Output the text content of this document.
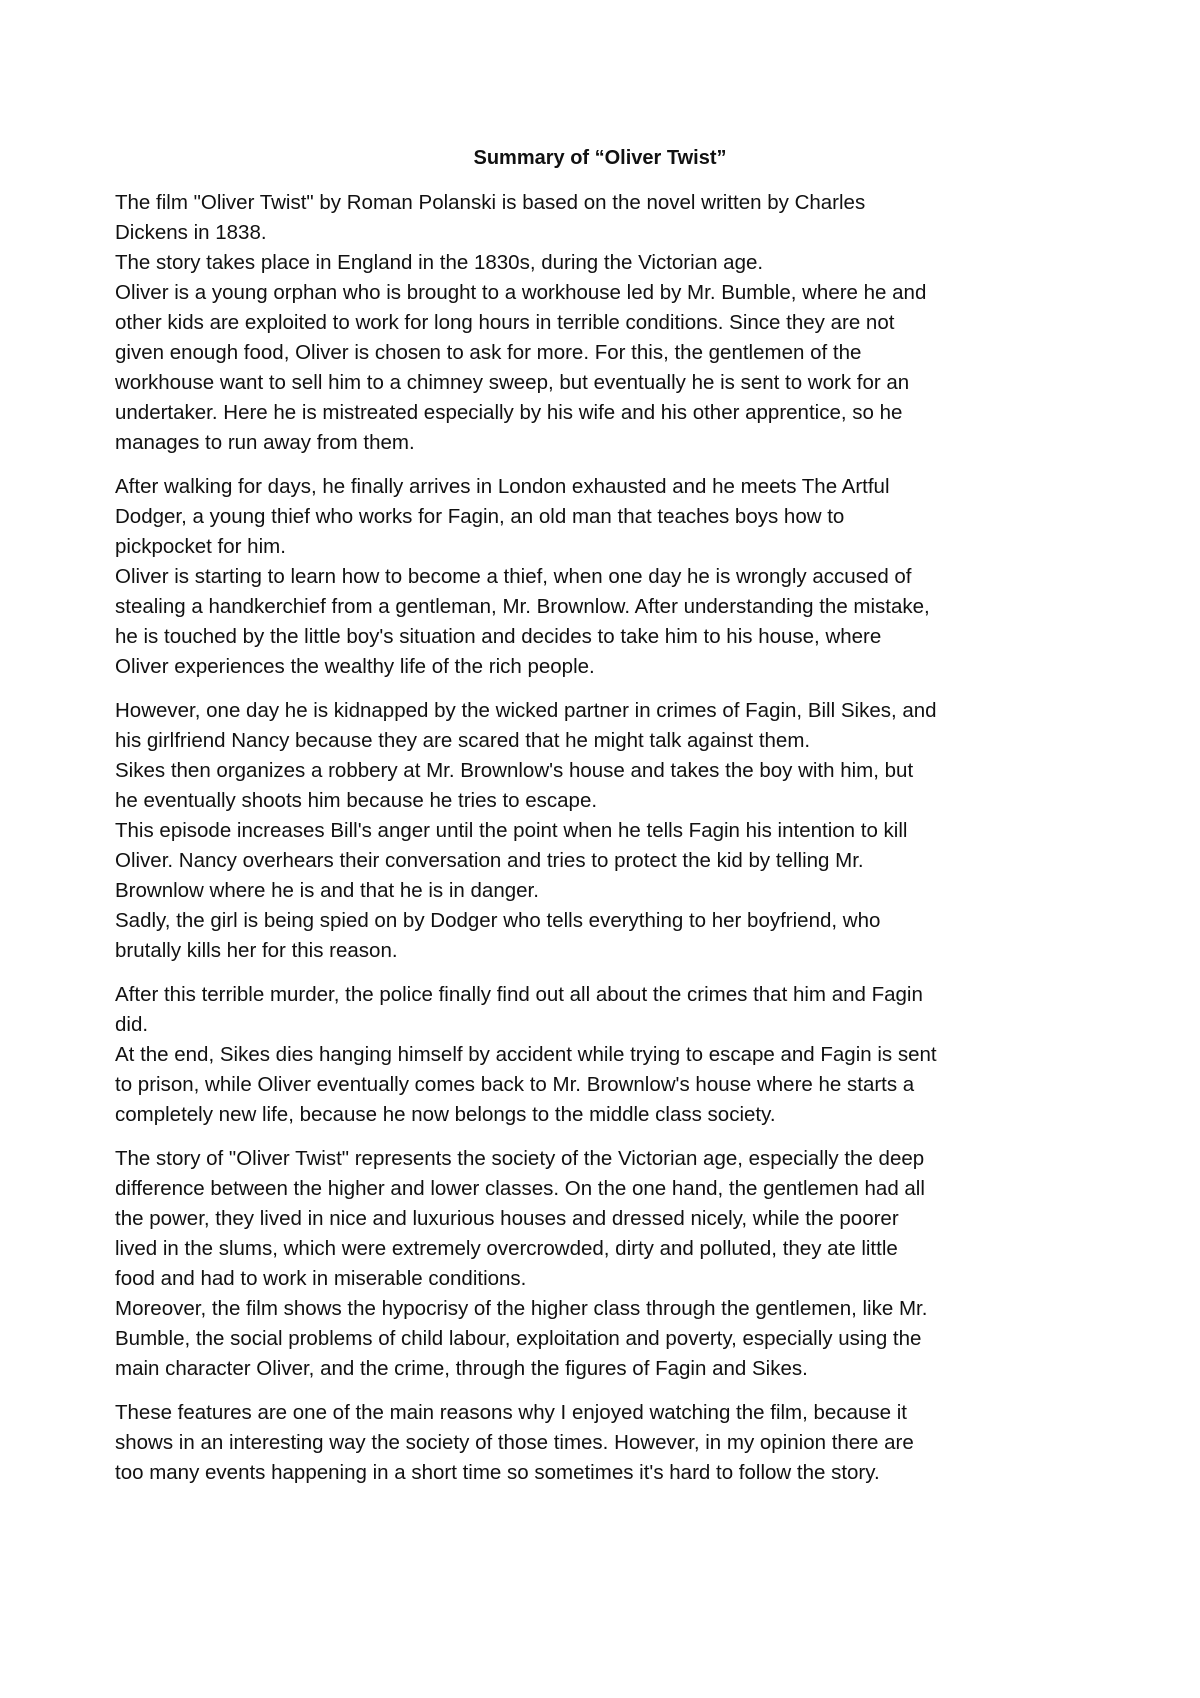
Summary of “Oliver Twist”
The film "Oliver Twist" by Roman Polanski is based on the novel written by Charles
Dickens in 1838.
The story takes place in England in the 1830s, during the Victorian age.
Oliver is a young orphan who is brought to a workhouse led by Mr. Bumble, where he and
other kids are exploited to work for long hours in terrible conditions. Since they are not
given enough food, Oliver is chosen to ask for more. For this, the gentlemen of the
workhouse want to sell him to a chimney sweep, but eventually he is sent to work for an
undertaker. Here he is mistreated especially by his wife and his other apprentice, so he
manages to run away from them.
After walking for days, he finally arrives in London exhausted and he meets The Artful
Dodger, a young thief who works for Fagin, an old man that teaches boys how to
pickpocket for him.
Oliver is starting to learn how to become a thief, when one day he is wrongly accused of
stealing a handkerchief from a gentleman, Mr. Brownlow. After understanding the mistake,
he is touched by the little boy's situation and decides to take him to his house, where
Oliver experiences the wealthy life of the rich people.
However, one day he is kidnapped by the wicked partner in crimes of Fagin, Bill Sikes, and
his girlfriend Nancy because they are scared that he might talk against them.
Sikes then organizes a robbery at Mr. Brownlow's house and takes the boy with him, but
he eventually shoots him because he tries to escape.
This episode increases Bill's anger until the point when he tells Fagin his intention to kill
Oliver. Nancy overhears their conversation and tries to protect the kid by telling Mr.
Brownlow where he is and that he is in danger.
Sadly, the girl is being spied on by Dodger who tells everything to her boyfriend, who
brutally kills her for this reason.
After this terrible murder, the police finally find out all about the crimes that him and Fagin
did.
At the end, Sikes dies hanging himself by accident while trying to escape and Fagin is sent
to prison, while Oliver eventually comes back to Mr. Brownlow's house where he starts a
completely new life, because he now belongs to the middle class society.
The story of "Oliver Twist" represents the society of the Victorian age, especially the deep
difference between the higher and lower classes. On the one hand, the gentlemen had all
the power, they lived in nice and luxurious houses and dressed nicely, while the poorer
lived in the slums, which were extremely overcrowded, dirty and polluted, they ate little
food and had to work in miserable conditions.
Moreover, the film shows the hypocrisy of the higher class through the gentlemen, like Mr.
Bumble, the social problems of child labour, exploitation and poverty, especially using the
main character Oliver, and the crime, through the figures of Fagin and Sikes.
These features are one of the main reasons why I enjoyed watching the film, because it
shows in an interesting way the society of those times. However, in my opinion there are
too many events happening in a short time so sometimes it's hard to follow the story.
